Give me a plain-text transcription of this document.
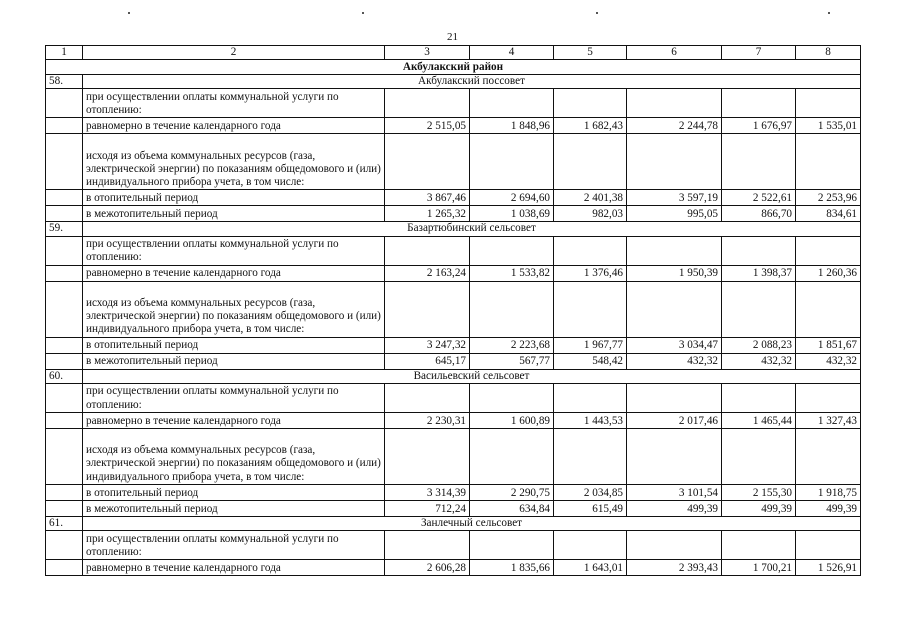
21
1	2	3	4	5	6	7	8
Акбулакский район							
58.	Акбулакский поссовет						
	при осуществлении оплаты коммунальной услуги по отоплению:						
	равномерно в течение календарного года	2 515,05	1 848,96	1 682,43	2 244,78	1 676,97	1 535,01
	исходя из объема коммунальных ресурсов (газа, электрической энергии) по показаниям общедомового и (или) индивидуального прибора учета, в том числе:						
	в отопительный период	3 867,46	2 694,60	2 401,38	3 597,19	2 522,61	2 253,96
	в межотопительный период	1 265,32	1 038,69	982,03	995,05	866,70	834,61
59.	Базартюбинский сельсовет						
	при осуществлении оплаты коммунальной услуги по отоплению:						
	равномерно в течение календарного года	2 163,24	1 533,82	1 376,46	1 950,39	1 398,37	1 260,36
	исходя из объема коммунальных ресурсов (газа, электрической энергии) по показаниям общедомового и (или) индивидуального прибора учета, в том числе:						
	в отопительный период	3 247,32	2 223,68	1 967,77	3 034,47	2 088,23	1 851,67
	в межотопительный период	645,17	567,77	548,42	432,32	432,32	432,32
60.	Васильевский сельсовет						
	при осуществлении оплаты коммунальной услуги по отоплению:						
	равномерно в течение календарного года	2 230,31	1 600,89	1 443,53	2 017,46	1 465,44	1 327,43
	исходя из объема коммунальных ресурсов (газа, электрической энергии) по показаниям общедомового и (или) индивидуального прибора учета, в том числе:						
	в отопительный период	3 314,39	2 290,75	2 034,85	3 101,54	2 155,30	1 918,75
	в межотопительный период	712,24	634,84	615,49	499,39	499,39	499,39
61.	Занлечный сельсовет						
	при осуществлении оплаты коммунальной услуги по отоплению:						
	равномерно в течение календарного года	2 606,28	1 835,66	1 643,01	2 393,43	1 700,21	1 526,91
